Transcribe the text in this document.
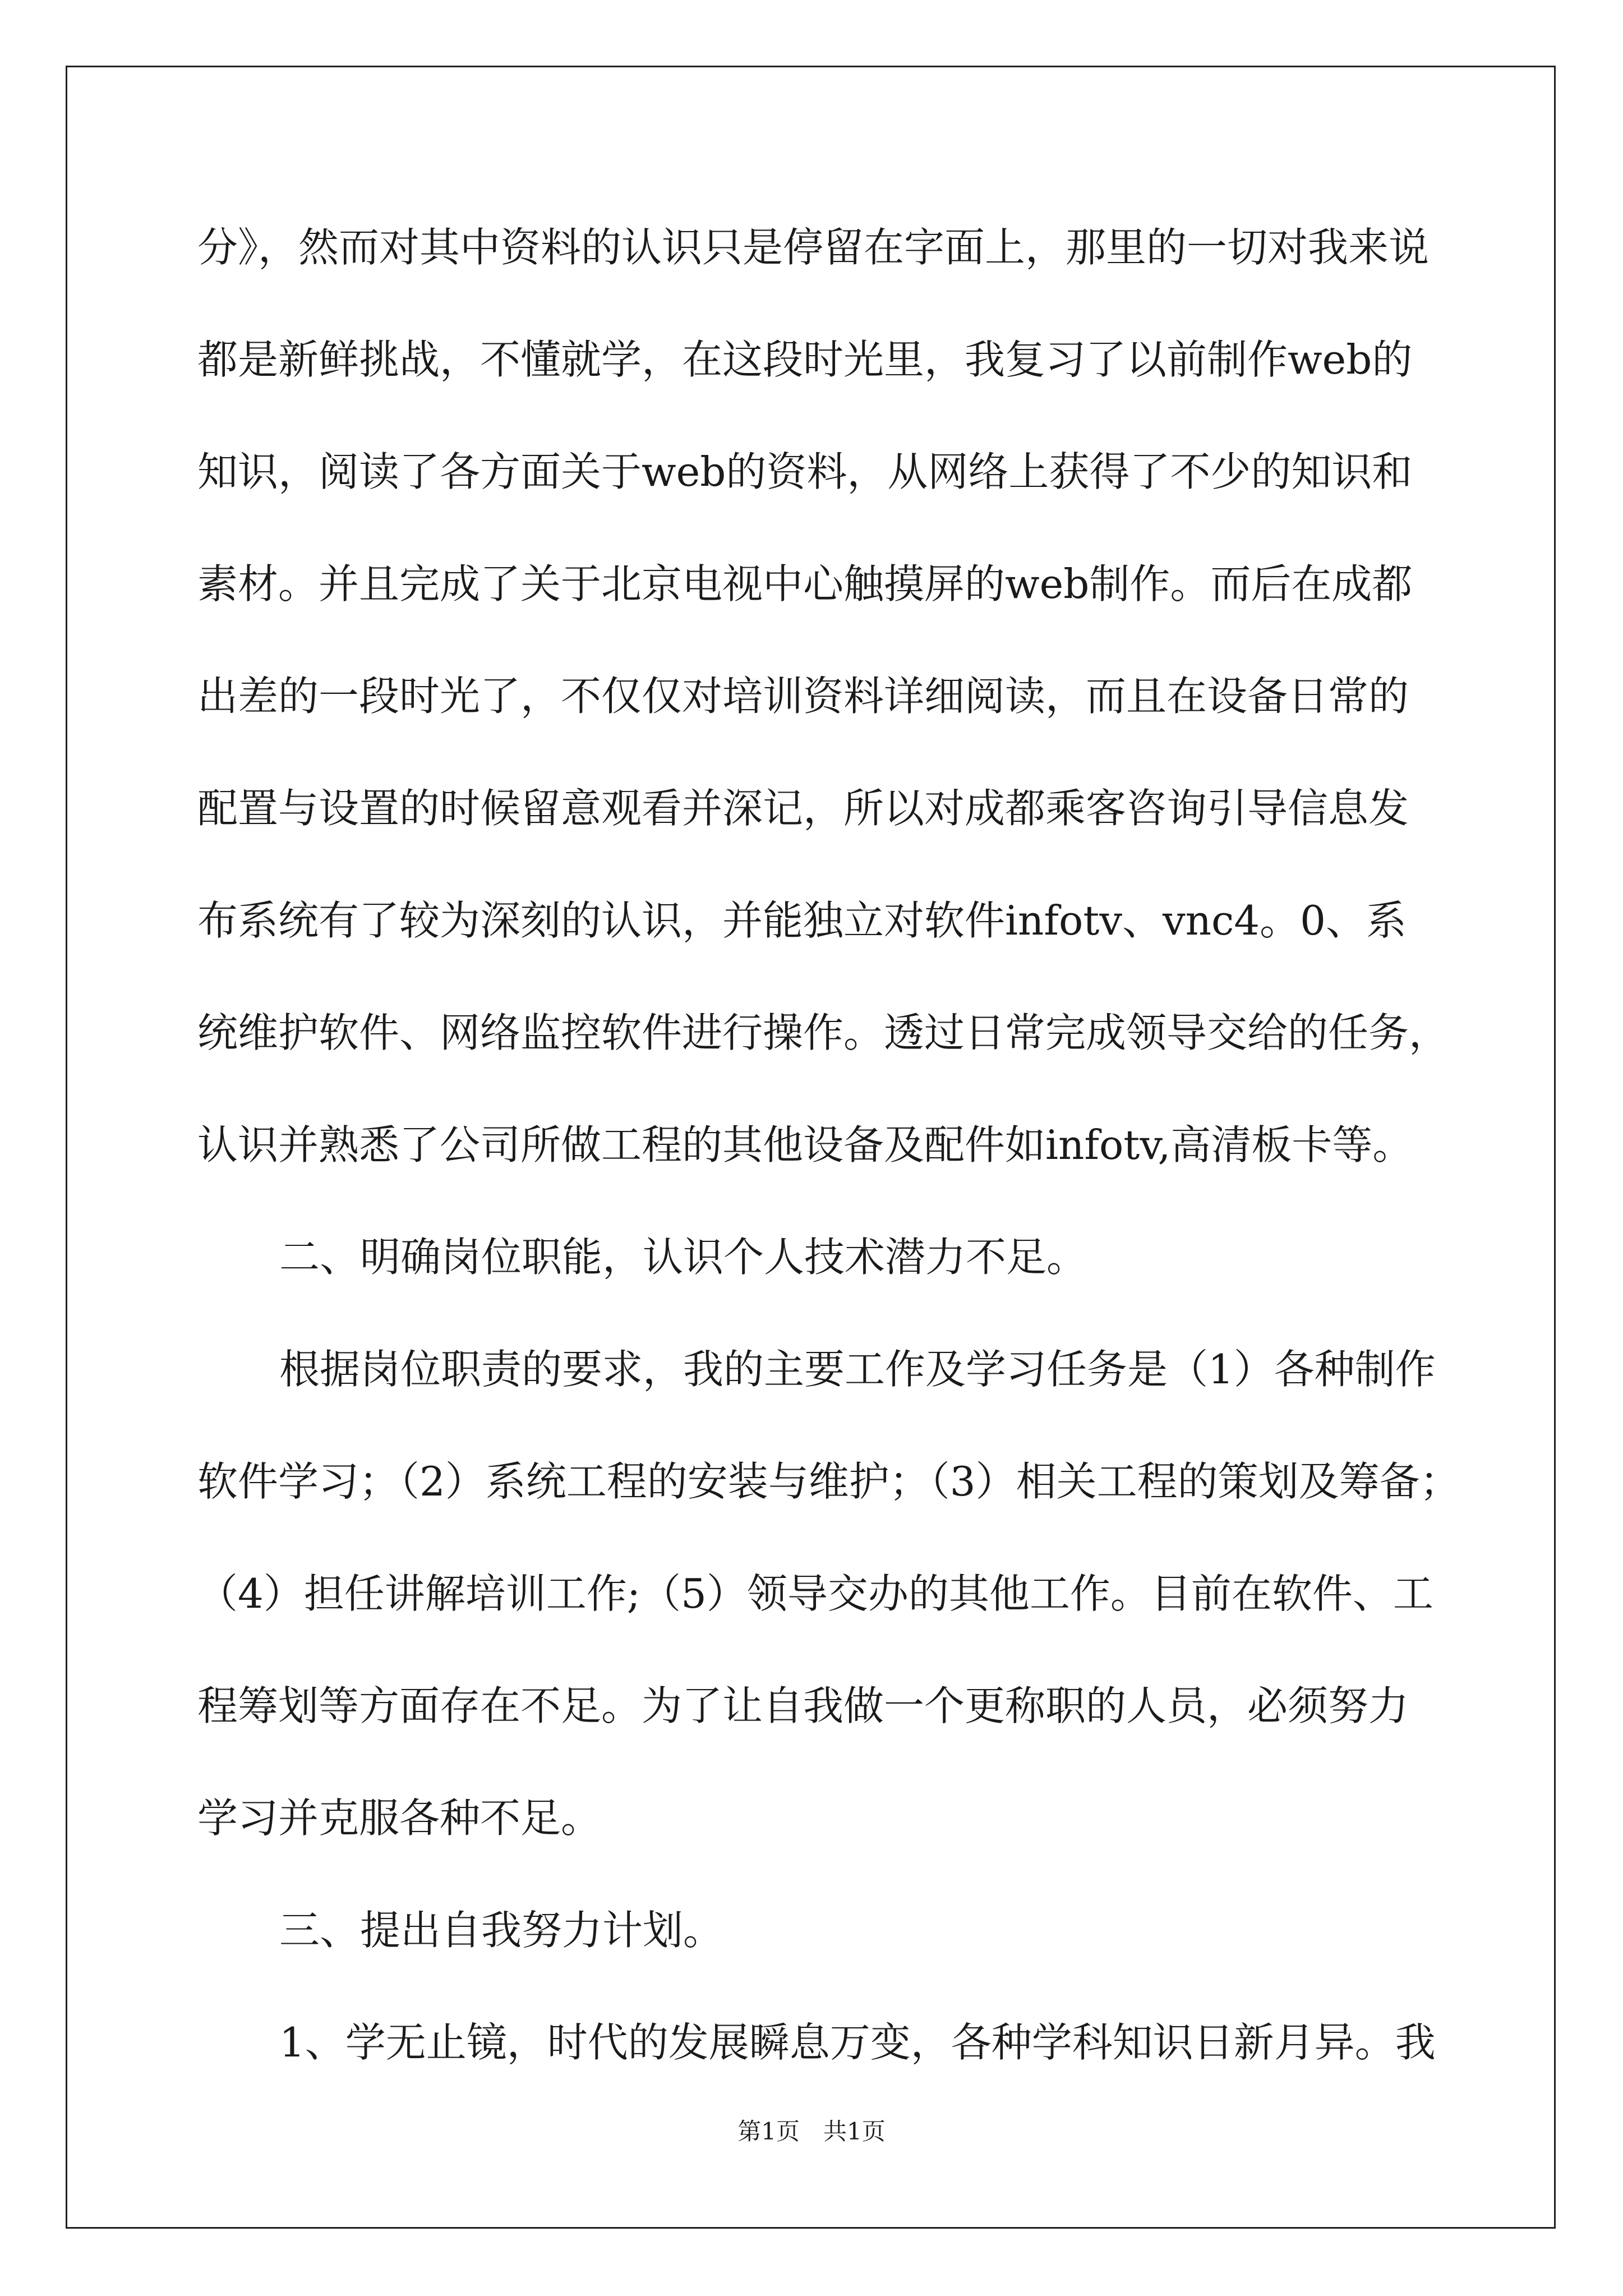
分》，然而对其中资料的认识只是停留在字面上，那里的一切对我来说
都是新鲜挑战，不懂就学，在这段时光里，我复习了以前制作web的
知识，阅读了各方面关于web的资料，从网络上获得了不少的知识和
素材。并且完成了关于北京电视中心触摸屏的web制作。而后在成都
出差的一段时光了，不仅仅对培训资料详细阅读，而且在设备日常的
配置与设置的时候留意观看并深记，所以对成都乘客咨询引导信息发
布系统有了较为深刻的认识，并能独立对软件infotv、vnc4。0、系
统维护软件、网络监控软件进行操作。透过日常完成领导交给的任务，
认识并熟悉了公司所做工程的其他设备及配件如infotv,高清板卡等。
二、明确岗位职能，认识个人技术潜力不足。
根据岗位职责的要求，我的主要工作及学习任务是（1）各种制作
软件学习；（2）系统工程的安装与维护；（3）相关工程的策划及筹备；
（4）担任讲解培训工作;（5）领导交办的其他工作。目前在软件、工
程筹划等方面存在不足。为了让自我做一个更称职的人员，必须努力
学习并克服各种不足。
三、提出自我努力计划。
1、学无止镜，时代的发展瞬息万变，各种学科知识日新月异。我
第1页　共1页
